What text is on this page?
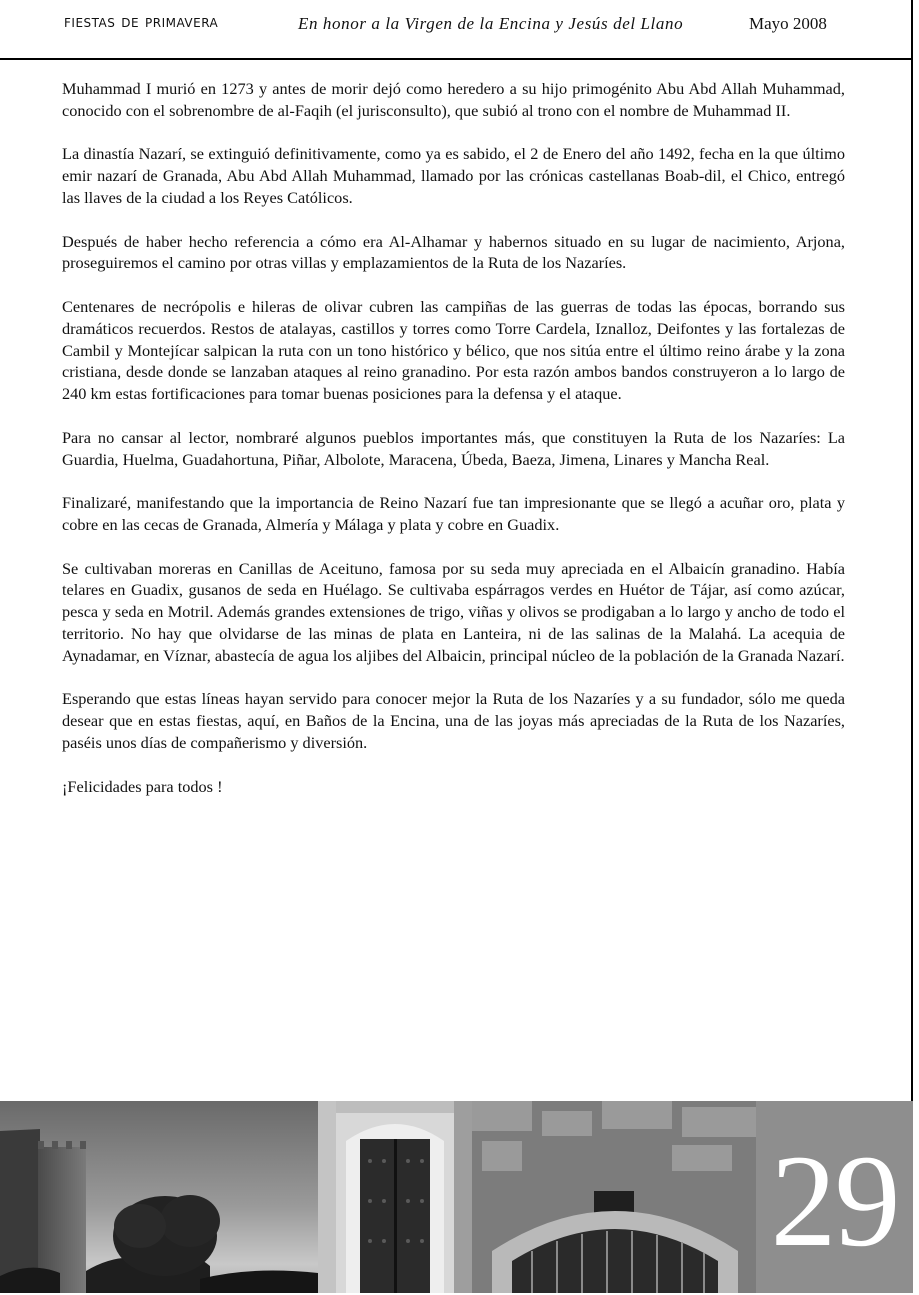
fiestas de primavera	En honor a la Virgen de la Encina y Jesús del Llano	Mayo 2008

Muhammad I murió en 1273 y antes de morir dejó como heredero a su hijo primogénito Abu Abd Allah Muhammad, conocido con el sobrenombre de al-Faqih (el jurisconsulto), que subió al trono con el nombre de Muhammad II.

La dinastía Nazarí, se extinguió definitivamente, como ya es sabido, el 2 de Enero del año 1492, fecha en la que último emir nazarí de Granada, Abu Abd Allah Muhammad, llamado por las crónicas castellanas Boab-dil, el Chico, entregó las llaves de la ciudad a los Reyes Católicos.

Después de haber hecho referencia a cómo era Al-Alhamar y habernos situado en su lugar de nacimiento, Arjona, proseguiremos el camino por otras villas y emplazamientos de la Ruta de los Nazaríes.

Centenares de necrópolis e hileras de olivar cubren las campiñas de las guerras de todas las épocas, borrando sus dramáticos recuerdos. Restos de atalayas, castillos y torres como Torre Cardela, Iznalloz, Deifontes y las fortalezas de Cambil y Montejícar salpican la ruta con un tono histórico y bélico, que nos sitúa entre el último reino árabe y la zona cristiana, desde donde se lanzaban ataques al reino granadino. Por esta razón ambos bandos construyeron a lo largo de 240 km estas fortificaciones para tomar buenas posiciones para la defensa y el ataque.

Para no cansar al lector, nombraré algunos pueblos importantes más, que constituyen la Ruta de los Nazaríes: La Guardia, Huelma, Guadahortuna, Piñar, Albolote, Maracena, Úbeda, Baeza, Jimena, Linares y Mancha Real.

Finalizaré, manifestando que la importancia de Reino Nazarí fue tan impresionante que se llegó a acuñar oro, plata y cobre en las cecas de Granada, Almería y Málaga y plata y cobre en Guadix.

Se cultivaban moreras en Canillas de Aceituno, famosa por su seda muy apreciada en el Albaicín granadino. Había telares en Guadix, gusanos de seda en Huélago. Se cultivaba espárragos verdes en Huétor de Tájar, así como azúcar, pesca y seda en Motril. Además grandes extensiones de trigo, viñas y olivos se prodigaban a lo largo y ancho de todo el territorio. No hay que olvidarse de las minas de plata en Lanteira, ni de las salinas de la Malahá. La acequia de Aynadamar, en Víznar, abastecía de agua los aljibes del Albaicin, principal núcleo de la población de la Granada Nazarí.

Esperando que estas líneas hayan servido para conocer mejor la Ruta de los Nazaríes y a su fundador, sólo me queda desear que en estas fiestas, aquí, en Baños de la Encina, una de las joyas más apreciadas de la Ruta de los Nazaríes, paséis unos días de compañerismo y diversión.

¡Felicidades para todos !

29
